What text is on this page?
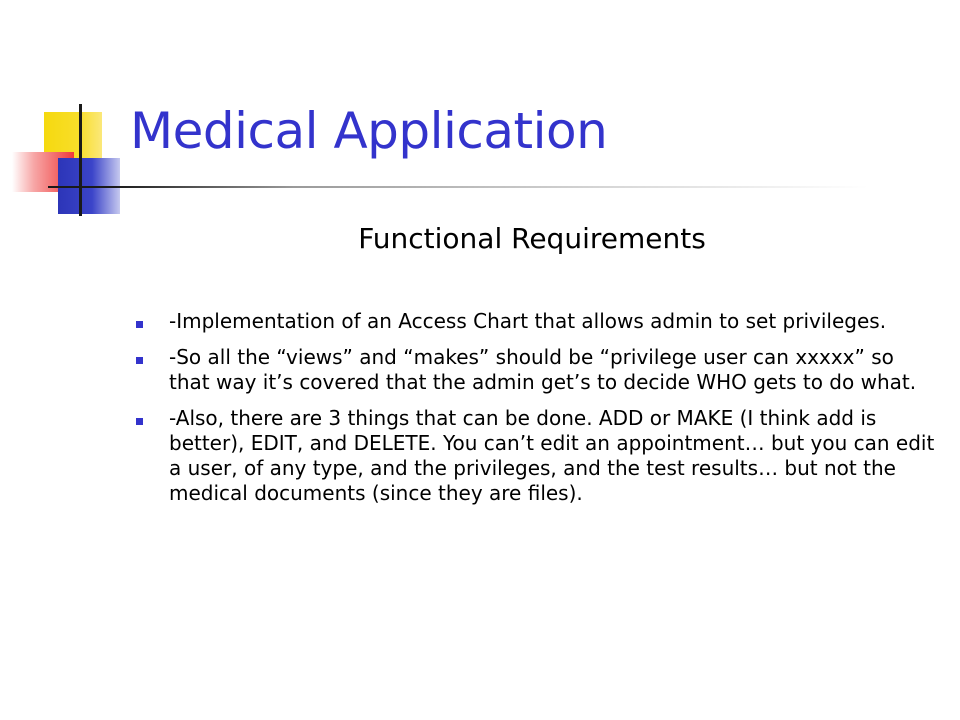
Medical Application
Functional Requirements
-Implementation of an Access Chart that allows admin to set privileges.
-So all the “views” and “makes” should be “privilege user can xxxxx” so that way it’s covered that the admin get’s to decide WHO gets to do what.
-Also, there are 3 things that can be done. ADD or MAKE (I think add is better), EDIT, and DELETE. You can’t edit an appointment… but you can edit a user, of any type, and the privileges, and the test results… but not the medical documents (since they are files).
